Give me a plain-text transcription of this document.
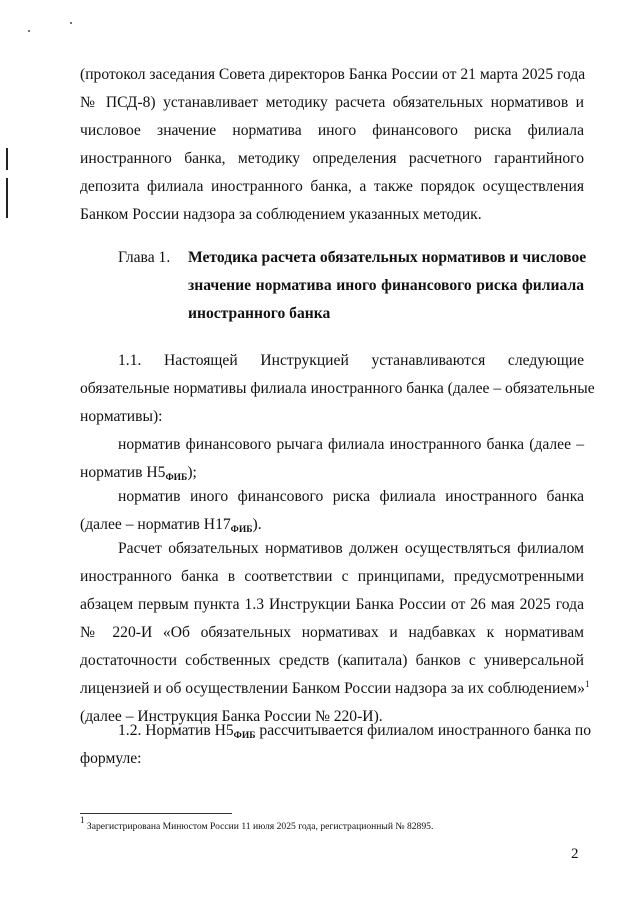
(протокол заседания Совета директоров Банка России от 21 марта 2025 года
№ ПСД-8) устанавливает методику расчета обязательных нормативов и
числовое значение норматива иного финансового риска филиала
иностранного банка, методику определения расчетного гарантийного
депозита филиала иностранного банка, а также порядок осуществления
Банком России надзора за соблюдением указанных методик.
Глава 1. Методика расчета обязательных нормативов и числовое
значение норматива иного финансового риска филиала
иностранного банка
1.1. Настоящей Инструкцией устанавливаются следующие
обязательные нормативы филиала иностранного банка (далее – обязательные
нормативы):
норматив финансового рычага филиала иностранного банка (далее –
норматив $Н5_{ФИБ}$);
норматив иного финансового риска филиала иностранного банка
(далее – норматив $Н17_{ФИБ}$).
Расчет обязательных нормативов должен осуществляться филиалом
иностранного банка в соответствии с принципами, предусмотренными
абзацем первым пункта 1.3 Инструкции Банка России от 26 мая 2025 года
№ 220-И «Об обязательных нормативах и надбавках к нормативам
достаточности собственных средств (капитала) банков с универсальной
лицензией и об осуществлении Банком России надзора за их соблюдением»$^1$
(далее – Инструкция Банка России № 220-И).
1.2. Норматив $Н5_{ФИБ}$ рассчитывается филиалом иностранного банка по
формуле:
$^1$ Зарегистрирована Минюстом России 11 июля 2025 года, регистрационный № 82895.
2
